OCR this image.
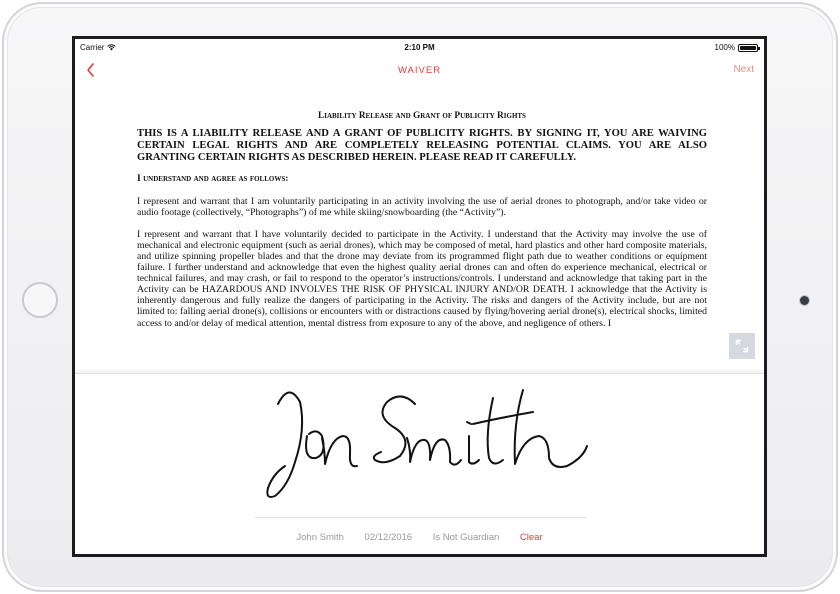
Carrier	2:10 PM	100%
WAIVER	Next
Liability Release and Grant of Publicity Rights
THIS IS A LIABILITY RELEASE AND A GRANT OF PUBLICITY RIGHTS. BY SIGNING IT, YOU ARE WAIVING CERTAIN LEGAL RIGHTS AND ARE COMPLETELY RELEASING POTENTIAL CLAIMS. YOU ARE ALSO GRANTING CERTAIN RIGHTS AS DESCRIBED HEREIN. PLEASE READ IT CAREFULLY.
I understand and agree as follows:

I represent and warrant that I am voluntarily participating in an activity involving the use of aerial drones to photograph, and/or take video or audio footage (collectively, “Photographs”) of me while skiing/snowboarding (the “Activity”).

I represent and warrant that I have voluntarily decided to participate in the Activity. I understand that the Activity may involve the use of mechanical and electronic equipment (such as aerial drones), which may be composed of metal, hard plastics and other hard composite materials, and utilize spinning propeller blades and that the drone may deviate from its programmed flight path due to weather conditions or equipment failure. I further understand and acknowledge that even the highest quality aerial drones can and often do experience mechanical, electrical or technical failures, and may crash, or fail to respond to the operator’s instructions/controls. I understand and acknowledge that taking part in the Activity can be HAZARDOUS AND INVOLVES THE RISK OF PHYSICAL INJURY AND/OR DEATH. I acknowledge that the Activity is inherently dangerous and fully realize the dangers of participating in the Activity. The risks and dangers of the Activity include, but are not limited to: falling aerial drone(s), collisions or encounters with or distractions caused by flying/hovering aerial drone(s), electrical shocks, limited access to and/or delay of medical attention, mental distress from exposure to any of the above, and negligence of others. I

John Smith 02/12/2016 Is Not Guardian Clear
